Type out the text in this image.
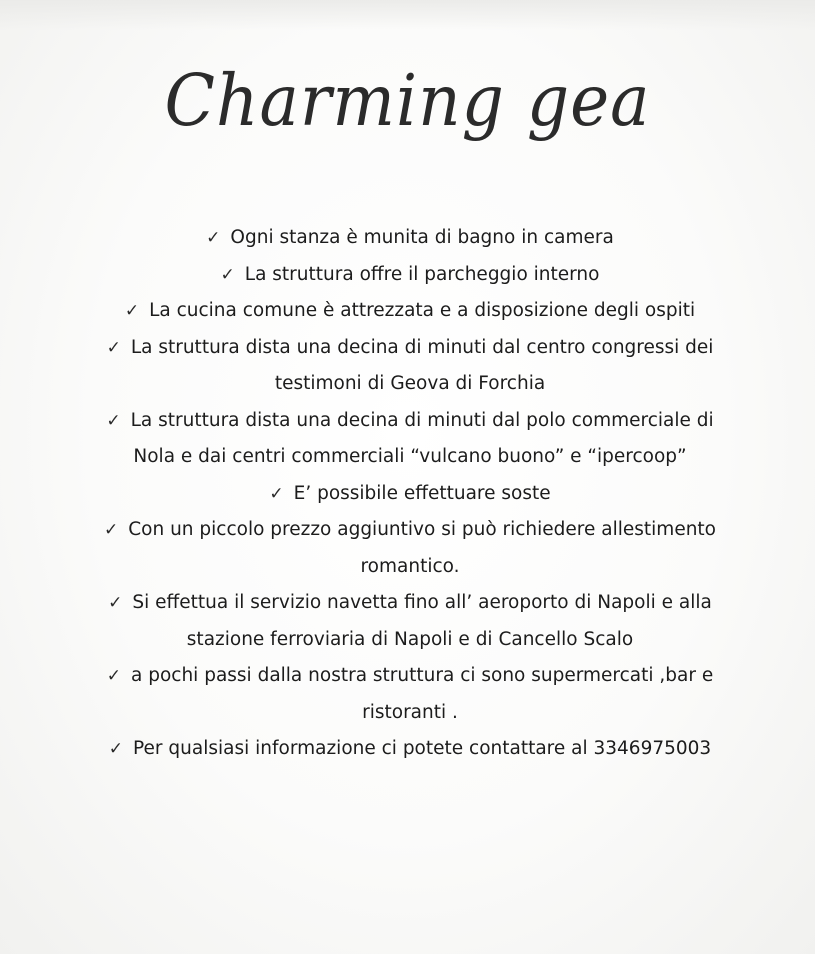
Charming gea
✓ Ogni stanza è munita di bagno in camera
✓ La struttura offre il parcheggio interno
✓ La cucina comune è attrezzata e a disposizione degli ospiti
✓ La struttura dista una decina di minuti dal centro congressi dei
testimoni di Geova di Forchia
✓ La struttura dista una decina di minuti dal polo commerciale di
Nola e dai centri commerciali “vulcano buono” e “ipercoop”
✓ E’ possibile effettuare soste
✓ Con un piccolo prezzo aggiuntivo si può richiedere allestimento
romantico.
✓ Si effettua il servizio navetta fino all’ aeroporto di Napoli e alla
stazione ferroviaria di Napoli e di Cancello Scalo
✓ a pochi passi dalla nostra struttura ci sono supermercati ,bar e
ristoranti .
✓ Per qualsiasi informazione ci potete contattare al 3346975003
